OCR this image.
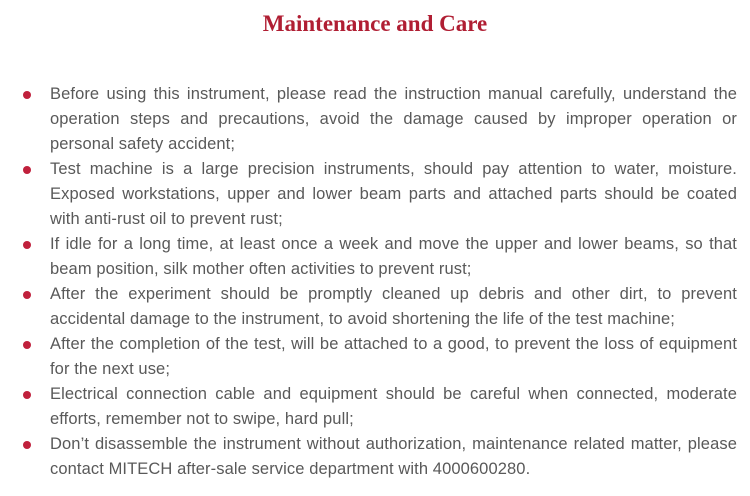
Maintenance and Care
Before using this instrument, please read the instruction manual carefully, understand the operation steps and precautions, avoid the damage caused by improper operation or personal safety accident;
Test machine is a large precision instruments, should pay attention to water, moisture. Exposed workstations, upper and lower beam parts and attached parts should be coated with anti-rust oil to prevent rust;
If idle for a long time, at least once a week and move the upper and lower beams, so that beam position, silk mother often activities to prevent rust;
After the experiment should be promptly cleaned up debris and other dirt, to prevent accidental damage to the instrument, to avoid shortening the life of the test machine;
After the completion of the test, will be attached to a good, to prevent the loss of equipment for the next use;
Electrical connection cable and equipment should be careful when connected, moderate efforts, remember not to swipe, hard pull;
Don’t disassemble the instrument without authorization, maintenance related matter, please contact MITECH after-sale service department with 4000600280.
